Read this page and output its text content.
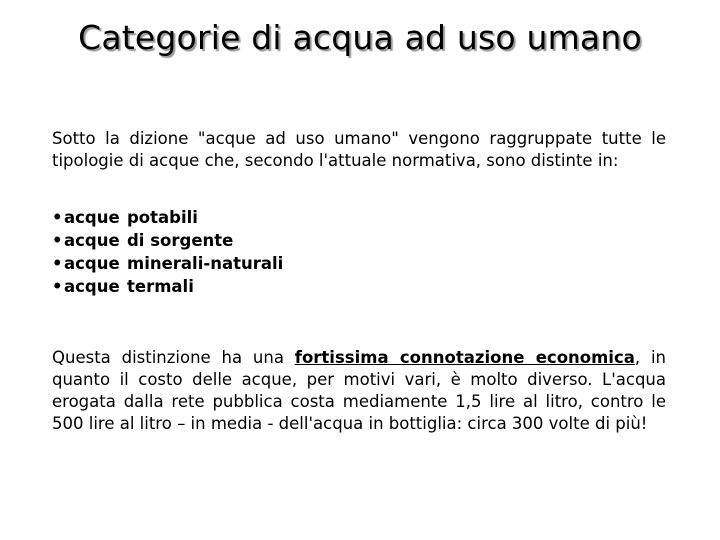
Categorie di acqua ad uso umano
Sotto la dizione "acque ad uso umano" vengono raggruppate tutte le tipologie di acque che, secondo l'attuale normativa, sono distinte in:
• acque potabili
• acque di sorgente
• acque minerali-naturali
• acque termali
Questa distinzione ha una fortissima connotazione economica, in quanto il costo delle acque, per motivi vari, è molto diverso. L'acqua erogata dalla rete pubblica costa mediamente 1,5 lire al litro, contro le 500 lire al litro – in media - dell'acqua in bottiglia: circa 300 volte di più!
